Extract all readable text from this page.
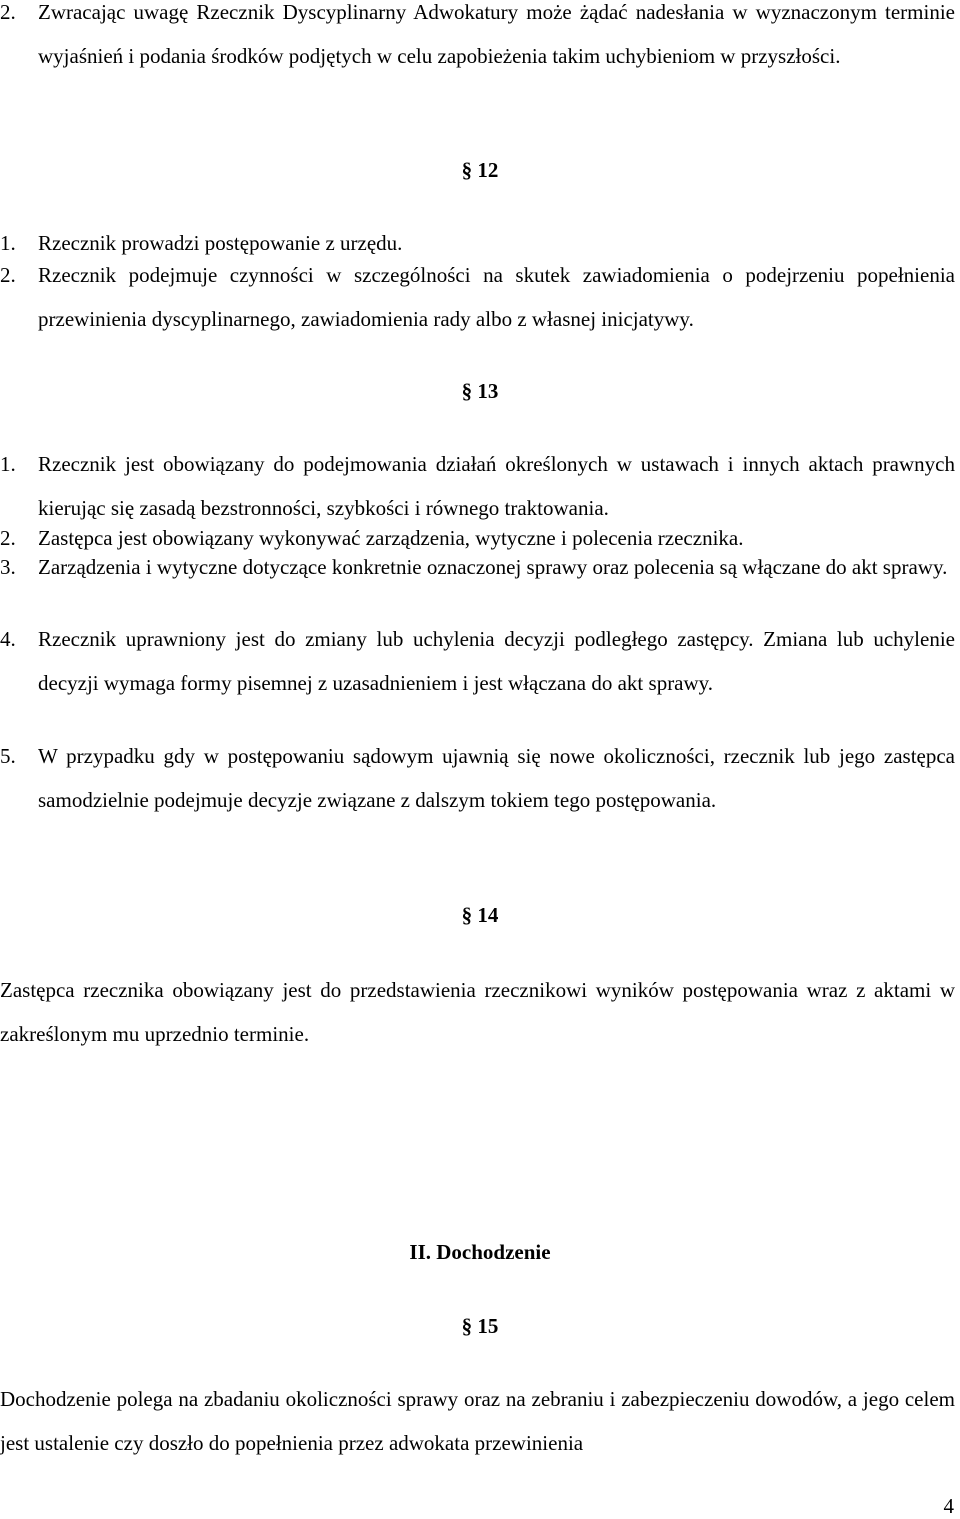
2. Zwracając uwagę Rzecznik Dyscyplinarny Adwokatury może żądać nadesłania w wyznaczonym terminie wyjaśnień i podania środków podjętych w celu zapobieżenia takim uchybieniom w przyszłości.
§ 12
1. Rzecznik prowadzi postępowanie z urzędu.
2. Rzecznik podejmuje czynności w szczególności na skutek zawiadomienia o podejrzeniu popełnienia przewinienia dyscyplinarnego, zawiadomienia rady albo z własnej inicjatywy.
§ 13
1. Rzecznik jest obowiązany do podejmowania działań określonych w ustawach i innych aktach prawnych kierując się zasadą bezstronności, szybkości i równego traktowania.
2. Zastępca jest obowiązany wykonywać zarządzenia, wytyczne i polecenia rzecznika.
3. Zarządzenia i wytyczne dotyczące konkretnie oznaczonej sprawy oraz polecenia są włączane do akt sprawy.
4. Rzecznik uprawniony jest do zmiany lub uchylenia decyzji podległego zastępcy. Zmiana lub uchylenie decyzji wymaga formy pisemnej z uzasadnieniem i jest włączana do akt sprawy.
5. W przypadku gdy w postępowaniu sądowym ujawnią się nowe okoliczności, rzecznik lub jego zastępca samodzielnie podejmuje decyzje związane z dalszym tokiem tego postępowania.
§ 14
Zastępca rzecznika obowiązany jest do przedstawienia rzecznikowi wyników postępowania wraz z aktami w zakreślonym mu uprzednio terminie.
II. Dochodzenie
§ 15
Dochodzenie polega na zbadaniu okoliczności sprawy oraz na zebraniu i zabezpieczeniu dowodów, a jego celem jest ustalenie czy doszło do popełnienia przez adwokata przewinienia
4
